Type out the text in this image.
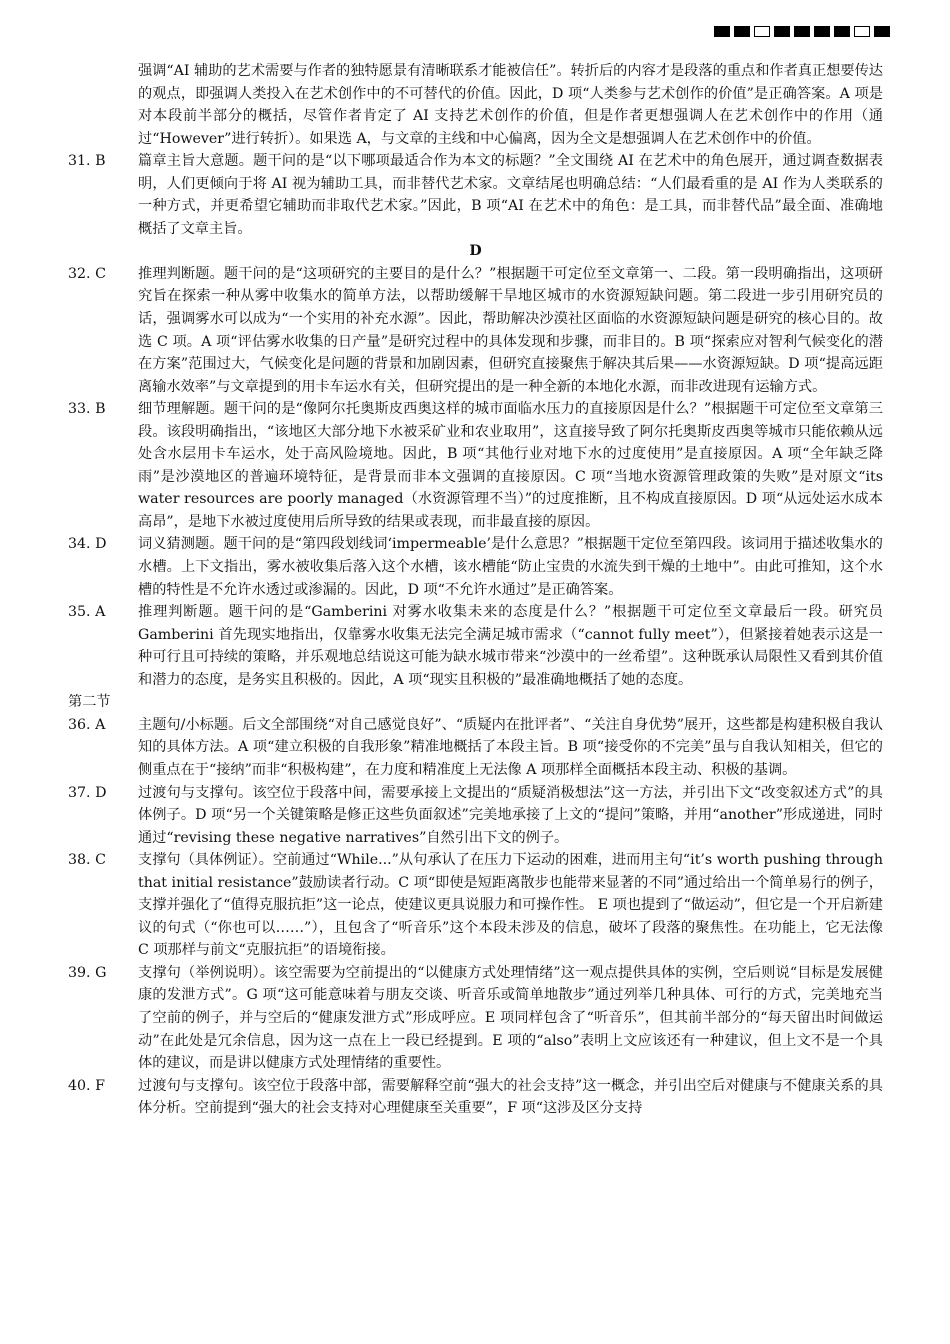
强调“AI 辅助的艺术需要与作者的独特愿景有清晰联系才能被信任”。转折后的内容才是段落的重点和作者真正想要传达的观点，即强调人类投入在艺术创作中的不可替代的价值。因此，D 项“人类参与艺术创作的价值”是正确答案。A 项是对本段前半部分的概括，尽管作者肯定了 AI 支持艺术创作的价值，但是作者更想强调人在艺术创作中的作用（通过“However”进行转折）。如果选 A，与文章的主线和中心偏离，因为全文是想强调人在艺术创作中的价值。
31. B	篇章主旨大意题。题干问的是“以下哪项最适合作为本文的标题？”全文围绕 AI 在艺术中的角色展开，通过调查数据表明，人们更倾向于将 AI 视为辅助工具，而非替代艺术家。文章结尾也明确总结：“人们最看重的是 AI 作为人类联系的一种方式，并更希望它辅助而非取代艺术家。”因此，B 项“AI 在艺术中的角色：是工具，而非替代品”最全面、准确地概括了文章主旨。
D
32. C	推理判断题。题干问的是“这项研究的主要目的是什么？”根据题干可定位至文章第一、二段。第一段明确指出，这项研究旨在探索一种从雾中收集水的简单方法，以帮助缓解干旱地区城市的水资源短缺问题。第二段进一步引用研究员的话，强调雾水可以成为“一个实用的补充水源”。因此，帮助解决沙漠社区面临的水资源短缺问题是研究的核心目的。故选 C 项。A 项“评估雾水收集的日产量”是研究过程中的具体发现和步骤，而非目的。B 项“探索应对智利气候变化的潜在方案”范围过大，气候变化是问题的背景和加剧因素，但研究直接聚焦于解决其后果——水资源短缺。D 项“提高远距离输水效率”与文章提到的用卡车运水有关，但研究提出的是一种全新的本地化水源，而非改进现有运输方式。
33. B	细节理解题。题干问的是“像阿尔托奥斯皮西奥这样的城市面临水压力的直接原因是什么？”根据题干可定位至文章第三段。该段明确指出，“该地区大部分地下水被采矿业和农业取用”，这直接导致了阿尔托奥斯皮西奥等城市只能依赖从远处含水层用卡车运水，处于高风险境地。因此，B 项“其他行业对地下水的过度使用”是直接原因。A 项“全年缺乏降雨”是沙漠地区的普遍环境特征，是背景而非本文强调的直接原因。C 项“当地水资源管理政策的失败”是对原文“its water resources are poorly managed（水资源管理不当）”的过度推断，且不构成直接原因。D 项“从远处运水成本高昂”，是地下水被过度使用后所导致的结果或表现，而非最直接的原因。
34. D	词义猜测题。题干问的是“第四段划线词‘impermeable’是什么意思？”根据题干定位至第四段。该词用于描述收集水的水槽。上下文指出，雾水被收集后落入这个水槽，该水槽能“防止宝贵的水流失到干燥的土地中”。由此可推知，这个水槽的特性是不允许水透过或渗漏的。因此，D 项“不允许水通过”是正确答案。
35. A	推理判断题。题干问的是“Gamberini 对雾水收集未来的态度是什么？”根据题干可定位至文章最后一段。研究员 Gamberini 首先现实地指出，仅靠雾水收集无法完全满足城市需求（“cannot fully meet”），但紧接着她表示这是一种可行且可持续的策略，并乐观地总结说这可能为缺水城市带来“沙漠中的一丝希望”。这种既承认局限性又看到其价值和潜力的态度，是务实且积极的。因此，A 项“现实且积极的”最准确地概括了她的态度。
第二节
36. A	主题句/小标题。后文全部围绕“对自己感觉良好”、“质疑内在批评者”、“关注自身优势”展开，这些都是构建积极自我认知的具体方法。A 项“建立积极的自我形象”精准地概括了本段主旨。B 项“接受你的不完美”虽与自我认知相关，但它的侧重点在于“接纳”而非“积极构建”，在力度和精准度上无法像 A 项那样全面概括本段主动、积极的基调。
37. D	过渡句与支撑句。该空位于段落中间，需要承接上文提出的“质疑消极想法”这一方法，并引出下文“改变叙述方式”的具体例子。D 项“另一个关键策略是修正这些负面叙述”完美地承接了上文的“提问”策略，并用“another”形成递进，同时通过“revising these negative narratives”自然引出下文的例子。
38. C	支撑句（具体例证）。空前通过“While...”从句承认了在压力下运动的困难，进而用主句“it’s worth pushing through that initial resistance”鼓励读者行动。C 项“即使是短距离散步也能带来显著的不同”通过给出一个简单易行的例子，支撑并强化了“值得克服抗拒”这一论点，使建议更具说服力和可操作性。 E 项也提到了“做运动”，但它是一个开启新建议的句式（“你也可以……”），且包含了“听音乐”这个本段未涉及的信息，破坏了段落的聚焦性。在功能上，它无法像 C 项那样与前文“克服抗拒”的语境衔接。
39. G	支撑句（举例说明）。该空需要为空前提出的“以健康方式处理情绪”这一观点提供具体的实例，空后则说“目标是发展健康的发泄方式”。G 项“这可能意味着与朋友交谈、听音乐或简单地散步”通过列举几种具体、可行的方式，完美地充当了空前的例子，并与空后的“健康发泄方式”形成呼应。E 项同样包含了“听音乐”，但其前半部分的“每天留出时间做运动”在此处是冗余信息，因为这一点在上一段已经提到。E 项的“also”表明上文应该还有一种建议，但上文不是一个具体的建议，而是讲以健康方式处理情绪的重要性。
40. F	过渡句与支撑句。该空位于段落中部，需要解释空前“强大的社会支持”这一概念，并引出空后对健康与不健康关系的具体分析。空前提到“强大的社会支持对心理健康至关重要”，F 项“这涉及区分支持
